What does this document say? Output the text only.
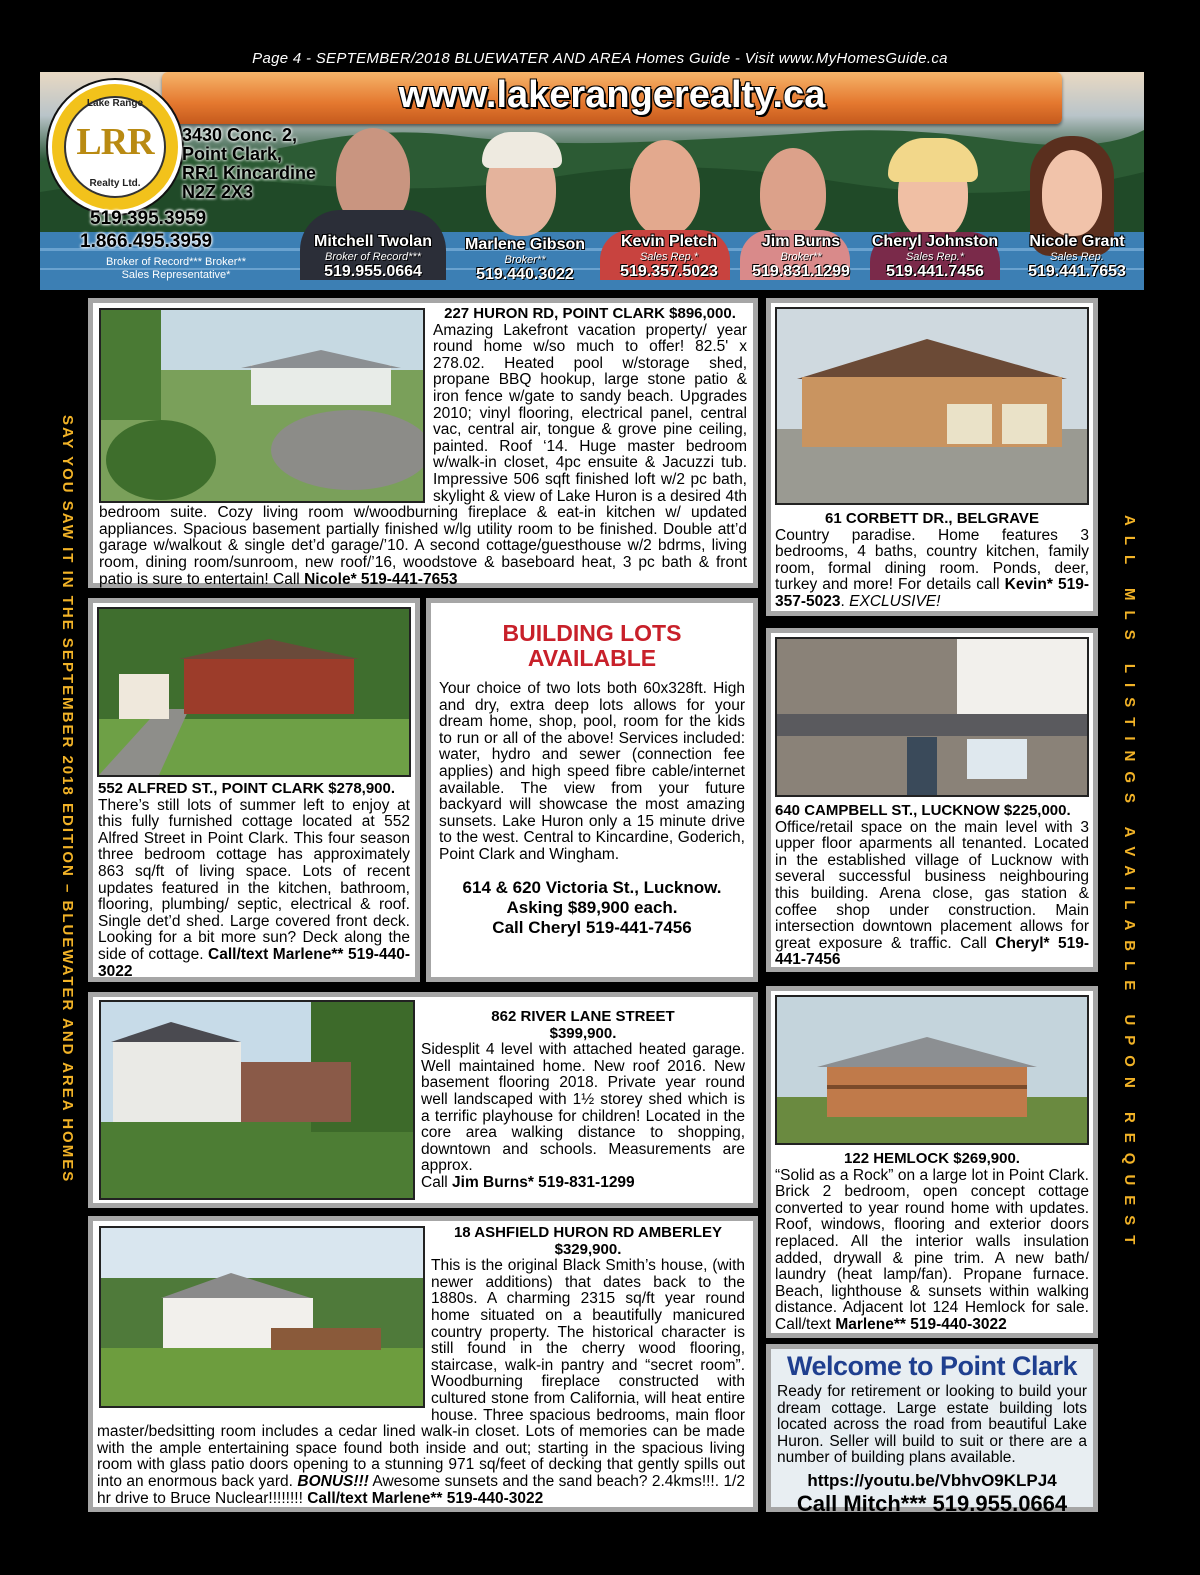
Page 4 - SEPTEMBER/2018 BLUEWATER AND AREA Homes Guide - Visit www.MyHomesGuide.ca
www.lakerangerealty.ca
Lake Range
LRR
Realty Ltd.
3430 Conc. 2,
Point Clark,
RR1 Kincardine
N2Z 2X3
519.395.3959
1.866.495.3959
Broker of Record*** Broker**
Sales Representative*
Mitchell Twolan
Broker of Record***
519.955.0664
Marlene Gibson
Broker**
519.440.3022
Kevin Pletch
Sales Rep.*
519.357.5023
Jim Burns
Broker**
519.831.1299
Cheryl Johnston
Sales Rep.*
519.441.7456
Nicole Grant
Sales Rep.
519.441.7653
SAY YOU SAW IT IN THE SEPTEMBER 2018 EDITION – BLUEWATER AND AREA HOMES	ALL MLS LISTINGS AVAILABLE UPON REQUEST
227 HURON RD, POINT CLARK $896,000.
Amazing Lakefront vacation property/ year round home w/so much to offer! 82.5' x 278.02. Heated pool w/storage shed, propane BBQ hookup, large stone patio & iron fence w/gate to sandy beach. Upgrades 2010; vinyl flooring, electrical panel, central vac, central air, tongue & grove pine ceiling, painted. Roof ‘14. Huge master bedroom w/walk-in closet, 4pc ensuite & Jacuzzi tub. Impressive 506 sqft finished loft w/2 pc bath, skylight & view of Lake Huron is a desired 4th bedroom suite. Cozy living room w/woodburning fireplace & eat-in kitchen w/ updated appliances. Spacious basement partially finished w/lg utility room to be finished. Double att’d garage w/walkout & single det’d garage/’10. A second cottage/guesthouse w/2 bdrms, living room, dining room/sunroom, new roof/’16, woodstove & baseboard heat, 3 pc bath & front patio is sure to entertain! Call Nicole* 519-441-7653
61 CORBETT DR., BELGRAVE
Country paradise. Home features 3 bedrooms, 4 baths, country kitchen, family room, formal dining room. Ponds, deer, turkey and more! For details call Kevin* 519-357-5023. EXCLUSIVE!
552 ALFRED ST., POINT CLARK $278,900.
There’s still lots of summer left to enjoy at this fully furnished cottage located at 552 Alfred Street in Point Clark. This four season three bedroom cottage has approximately 863 sq/ft of living space. Lots of recent updates featured in the kitchen, bathroom, flooring, plumbing/ septic, electrical & roof. Single det’d shed. Large covered front deck. Looking for a bit more sun? Deck along the side of cottage. Call/text Marlene** 519-440-3022
BUILDING LOTS
AVAILABLE
Your choice of two lots both 60x328ft. High and dry, extra deep lots allows for your dream home, shop, pool, room for the kids to run or all of the above! Services included: water, hydro and sewer (connection fee applies) and high speed fibre cable/internet available. The view from your future backyard will showcase the most amazing sunsets. Lake Huron only a 15 minute drive to the west. Central to Kincardine, Goderich, Point Clark and Wingham.
614 & 620 Victoria St., Lucknow.
Asking $89,900 each.
Call Cheryl 519-441-7456
640 CAMPBELL ST., LUCKNOW $225,000.
Office/retail space on the main level with 3 upper floor aparments all tenanted. Located in the established village of Lucknow with several successful business neighbouring this building. Arena close, gas station & coffee shop under construction. Main intersection downtown placement allows for great exposure & traffic. Call Cheryl* 519-441-7456
862 RIVER LANE STREET
$399,900.
Sidesplit 4 level with attached heated garage. Well maintained home. New roof 2016. New basement flooring 2018. Private year round well landscaped with 1½ storey shed which is a terrific playhouse for children! Located in the core area walking distance to shopping, downtown and schools. Measurements are approx.
Call Jim Burns* 519-831-1299
122 HEMLOCK $269,900.
“Solid as a Rock” on a large lot in Point Clark. Brick 2 bedroom, open concept cottage converted to year round home with updates. Roof, windows, flooring and exterior doors replaced. All the interior walls insulation added, drywall & pine trim. A new bath/ laundry (heat lamp/fan). Propane furnace. Beach, lighthouse & sunsets within walking distance. Adjacent lot 124 Hemlock for sale. Call/text Marlene** 519-440-3022
18 ASHFIELD HURON RD AMBERLEY
$329,900.
This is the original Black Smith’s house, (with newer additions) that dates back to the 1880s. A charming 2315 sq/ft year round home situated on a beautifully manicured country property. The historical character is still found in the cherry wood flooring, staircase, walk-in pantry and “secret room”. Woodburning fireplace constructed with cultured stone from California, will heat entire house. Three spacious bedrooms, main floor master/bedsitting room includes a cedar lined walk-in closet. Lots of memories can be made with the ample entertaining space found both inside and out; starting in the spacious living room with glass patio doors opening to a stunning 971 sq/feet of decking that gently spills out into an enormous back yard. BONUS!!! Awesome sunsets and the sand beach? 2.4kms!!!. 1/2 hr drive to Bruce Nuclear!!!!!!!! Call/text Marlene** 519-440-3022
Welcome to Point Clark
Ready for retirement or looking to build your dream cottage. Large estate building lots located across the road from beautiful Lake Huron. Seller will build to suit or there are a number of building plans available.
https://youtu.be/VbhvO9KLPJ4
Call Mitch*** 519.955.0664
